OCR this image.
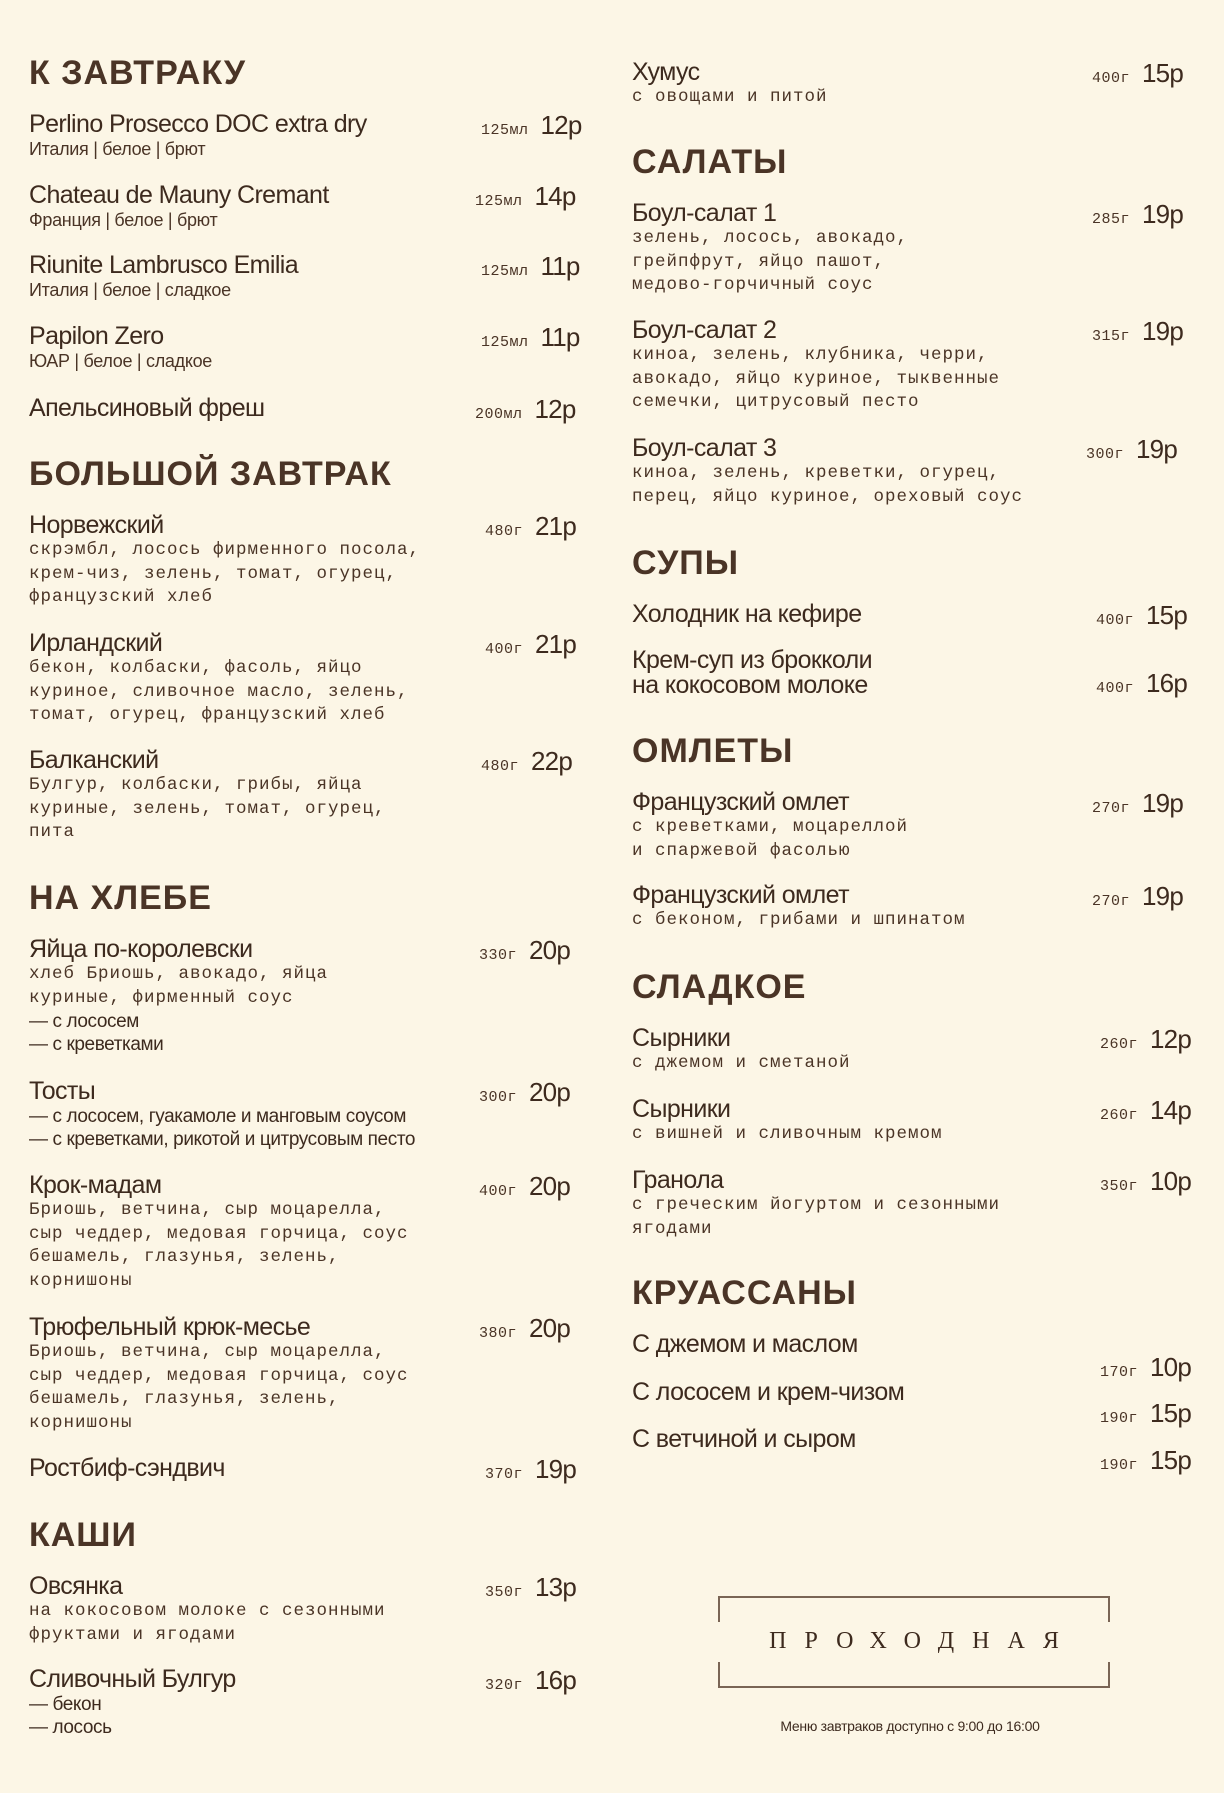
К ЗАВТРАКУ
Perlino Prosecco DOC extra dry
Италия | белое | брют
125мл 12р
Chateau de Mauny Cremant
Франция | белое | брют
125мл 14р
Riunite Lambrusco Emilia
Италия | белое | сладкое
125мл 11р
Papilon Zero
ЮАР | белое | сладкое
125мл 11р
Апельсиновый фреш	200мл 12р
БОЛЬШОЙ ЗАВТРАК
Норвежский
скрэмбл, лосось фирменного посола,
крем-чиз, зелень, томат, огурец,
французский хлеб
480г 21р
Ирландский
бекон, колбаски, фасоль, яйцо
куриное, сливочное масло, зелень,
томат, огурец, французский хлеб
400г 21р
Балканский
Булгур, колбаски, грибы, яйца
куриные, зелень, томат, огурец,
пита
480г 22р
НА ХЛЕБЕ
Яйца по-королевски
хлеб Бриошь, авокадо, яйца
куриные, фирменный соус
— с лососем
— с креветками
330г 20р
Тосты
— с лососем, гуакамоле и манговым соусом
— с креветками, рикотой и цитрусовым песто
300г 20р
Крок-мадам
Бриошь, ветчина, сыр моцарелла,
сыр чеддер, медовая горчица, соус
бешамель, глазунья, зелень,
корнишоны
400г 20р
Трюфельный крюк-месье
Бриошь, ветчина, сыр моцарелла,
сыр чеддер, медовая горчица, соус
бешамель, глазунья, зелень,
корнишоны
380г 20р
Ростбиф-сэндвич	370г 19р
КАШИ
Овсянка
на кокосовом молоке с сезонными
фруктами и ягодами
350г 13р
Сливочный Булгур
— бекон
— лосось
320г 16р
Хумус
с овощами и питой
400г 15р
САЛАТЫ
Боул-салат 1
зелень, лосось, авокадо,
грейпфрут, яйцо пашот,
медово-горчичный соус
285г 19р
Боул-салат 2
киноа, зелень, клубника, черри,
авокадо, яйцо куриное, тыквенные
семечки, цитрусовый песто
315г 19р
Боул-салат 3
киноа, зелень, креветки, огурец,
перец, яйцо куриное, ореховый соус
300г 19р
СУПЫ
Холодник на кефире	400г 15р
Крем-суп из брокколи
на кокосовом молоке	400г 16р
ОМЛЕТЫ
Французский омлет
с креветками, моцареллой
и спаржевой фасолью
270г 19р
Французский омлет
с беконом, грибами и шпинатом
270г 19р
СЛАДКОЕ
Сырники
с джемом и сметаной
260г 12р
Сырники
с вишней и сливочным кремом
260г 14р
Гранола
с греческим йогуртом и сезонными
ягодами
350г 10р
КРУАССАНЫ
С джемом и маслом
170г 10р
С лососем и крем-чизом
190г 15р
С ветчиной и сыром
190г 15р
ПРОХОДНАЯ
Меню завтраков доступно с 9:00 до 16:00
